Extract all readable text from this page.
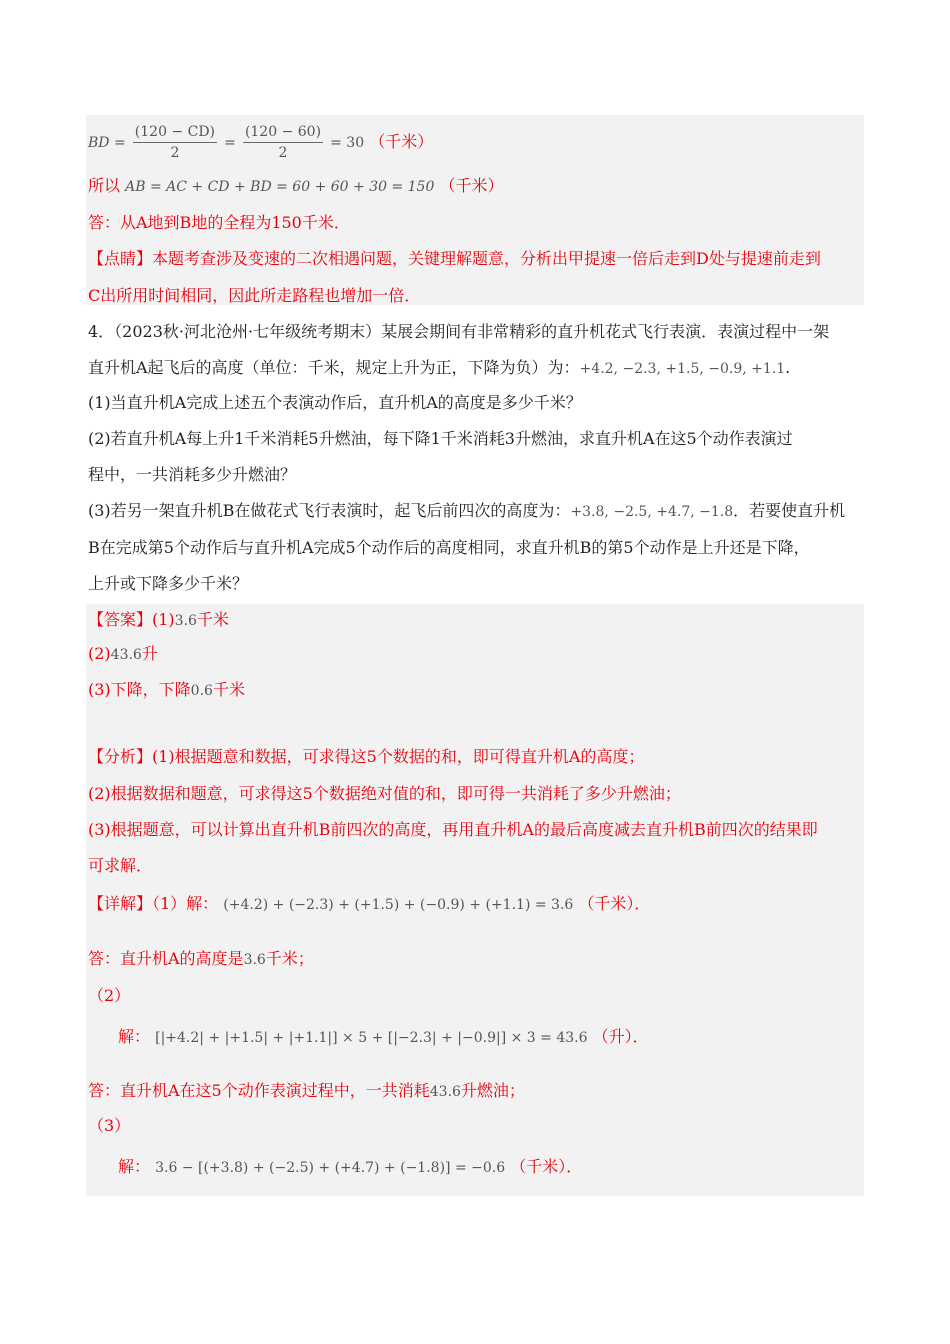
BD = $\frac{(120 - CD)}{2} = \frac{(120 - 60)}{2} = 30$ （千米）
所以 AB = AC + CD + BD = 60 + 60 + 30 = 150 （千米）
答：从A地到B地的全程为150千米．
【点睛】本题考查涉及变速的二次相遇问题，关键理解题意，分析出甲提速一倍后走到D处与提速前走到
C出所用时间相同，因此所走路程也增加一倍．
4．（2023秋·河北沧州·七年级统考期末）某展会期间有非常精彩的直升机花式飞行表演．表演过程中一架
直升机A起飞后的高度（单位：千米，规定上升为正，下降为负）为：+4.2, −2.3, +1.5, −0.9, +1.1.
(1)当直升机A完成上述五个表演动作后，直升机A的高度是多少千米？
(2)若直升机A每上升1千米消耗5升燃油，每下降1千米消耗3升燃油，求直升机A在这5个动作表演过
程中，一共消耗多少升燃油？
(3)若另一架直升机B在做花式飞行表演时，起飞后前四次的高度为：+3.8, −2.5, +4.7, −1.8．若要使直升机
B在完成第5个动作后与直升机A完成5个动作后的高度相同，求直升机B的第5个动作是上升还是下降，
上升或下降多少千米？
【答案】(1)3.6千米
(2)43.6升
(3)下降，下降0.6千米
【分析】(1)根据题意和数据，可求得这5个数据的和，即可得直升机A的高度；
(2)根据数据和题意，可求得这5个数据绝对值的和，即可得一共消耗了多少升燃油；
(3)根据题意，可以计算出直升机B前四次的高度，再用直升机A的最后高度减去直升机B前四次的结果即
可求解．
【详解】（1）解： (+4.2) + (−2.3) + (+1.5) + (−0.9) + (+1.1) = 3.6 （千米）．
答：直升机A的高度是3.6千米；
（2）
解： [|+4.2| + |+1.5| + |+1.1|] × 5 + [|−2.3| + |−0.9|] × 3 = 43.6 （升）．
答：直升机A在这5个动作表演过程中，一共消耗43.6升燃油；
（3）
解： 3.6 − [(+3.8) + (−2.5) + (+4.7) + (−1.8)] = −0.6 （千米）．
